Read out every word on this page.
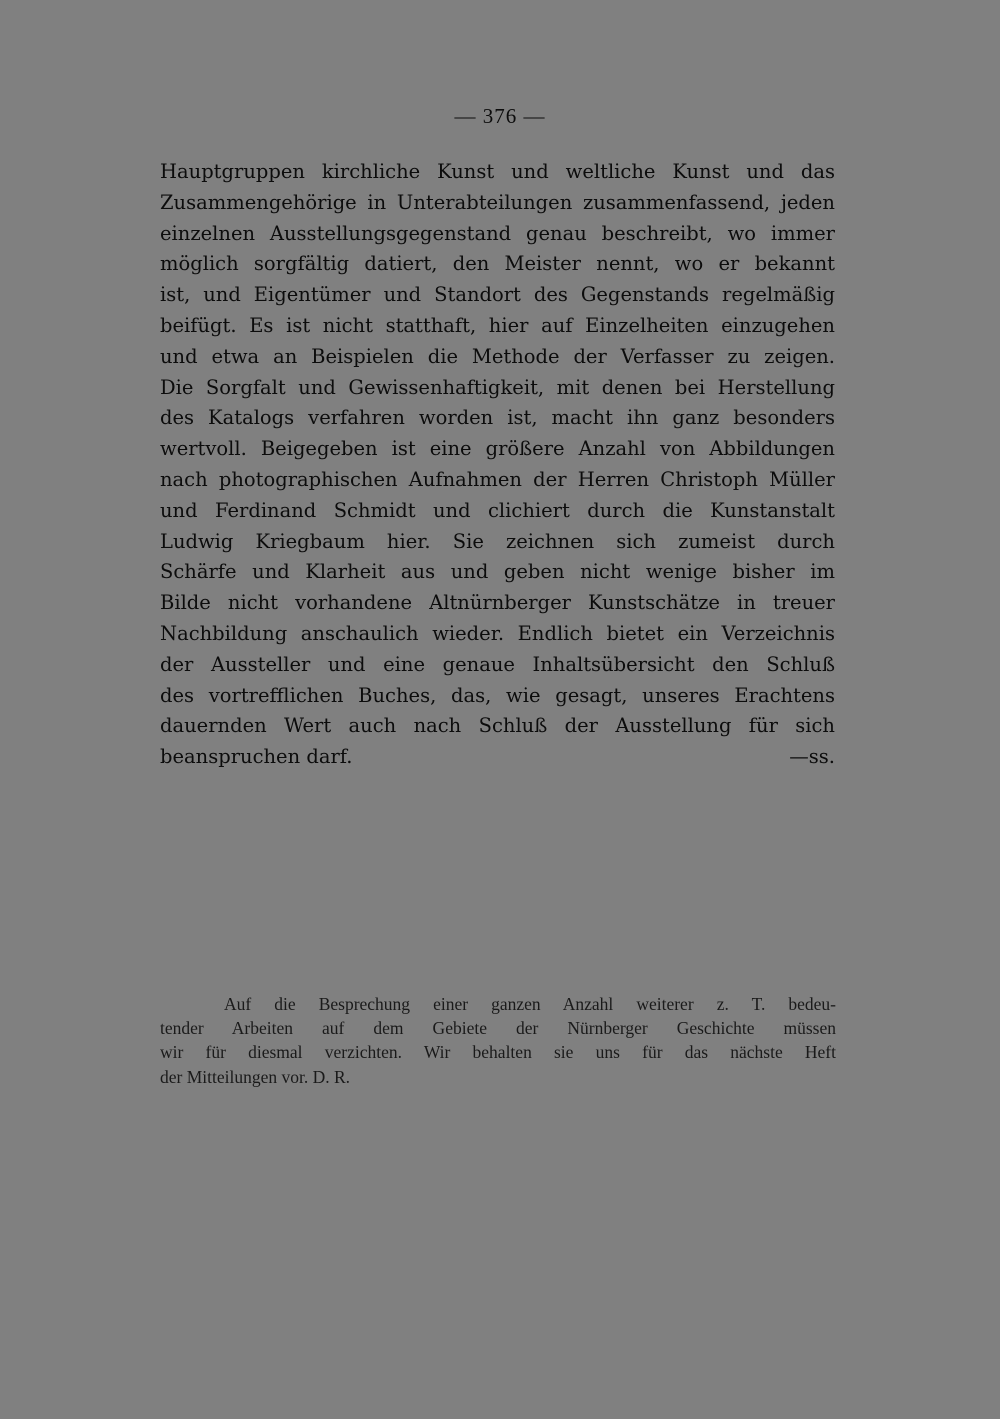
— 376 —
Hauptgruppen kirchliche Kunst und weltliche Kunst und das
Zusammengehörige in Unterabteilungen zusammenfassend, jeden
einzelnen Ausstellungsgegenstand genau beschreibt, wo immer
möglich sorgfältig datiert, den Meister nennt, wo er bekannt
ist, und Eigentümer und Standort des Gegenstands regelmäßig
beifügt. Es ist nicht statthaft, hier auf Einzelheiten einzugehen
und etwa an Beispielen die Methode der Verfasser zu zeigen.
Die Sorgfalt und Gewissenhaftigkeit, mit denen bei Herstellung
des Katalogs verfahren worden ist, macht ihn ganz besonders
wertvoll. Beigegeben ist eine größere Anzahl von Abbildungen
nach photographischen Aufnahmen der Herren Christoph Müller
und Ferdinand Schmidt und clichiert durch die Kunstanstalt
Ludwig Kriegbaum hier. Sie zeichnen sich zumeist durch
Schärfe und Klarheit aus und geben nicht wenige bisher im
Bilde nicht vorhandene Altnürnberger Kunstschätze in treuer
Nachbildung anschaulich wieder. Endlich bietet ein Verzeichnis
der Aussteller und eine genaue Inhaltsübersicht den Schluß
des vortrefflichen Buches, das, wie gesagt, unseres Erachtens
dauernden Wert auch nach Schluß der Ausstellung für sich
beanspruchen darf.	—ss.
Auf die Besprechung einer ganzen Anzahl weiterer z. T. bedeu-
tender Arbeiten auf dem Gebiete der Nürnberger Geschichte müssen
wir für diesmal verzichten. Wir behalten sie uns für das nächste Heft
der Mitteilungen vor. D. R.
